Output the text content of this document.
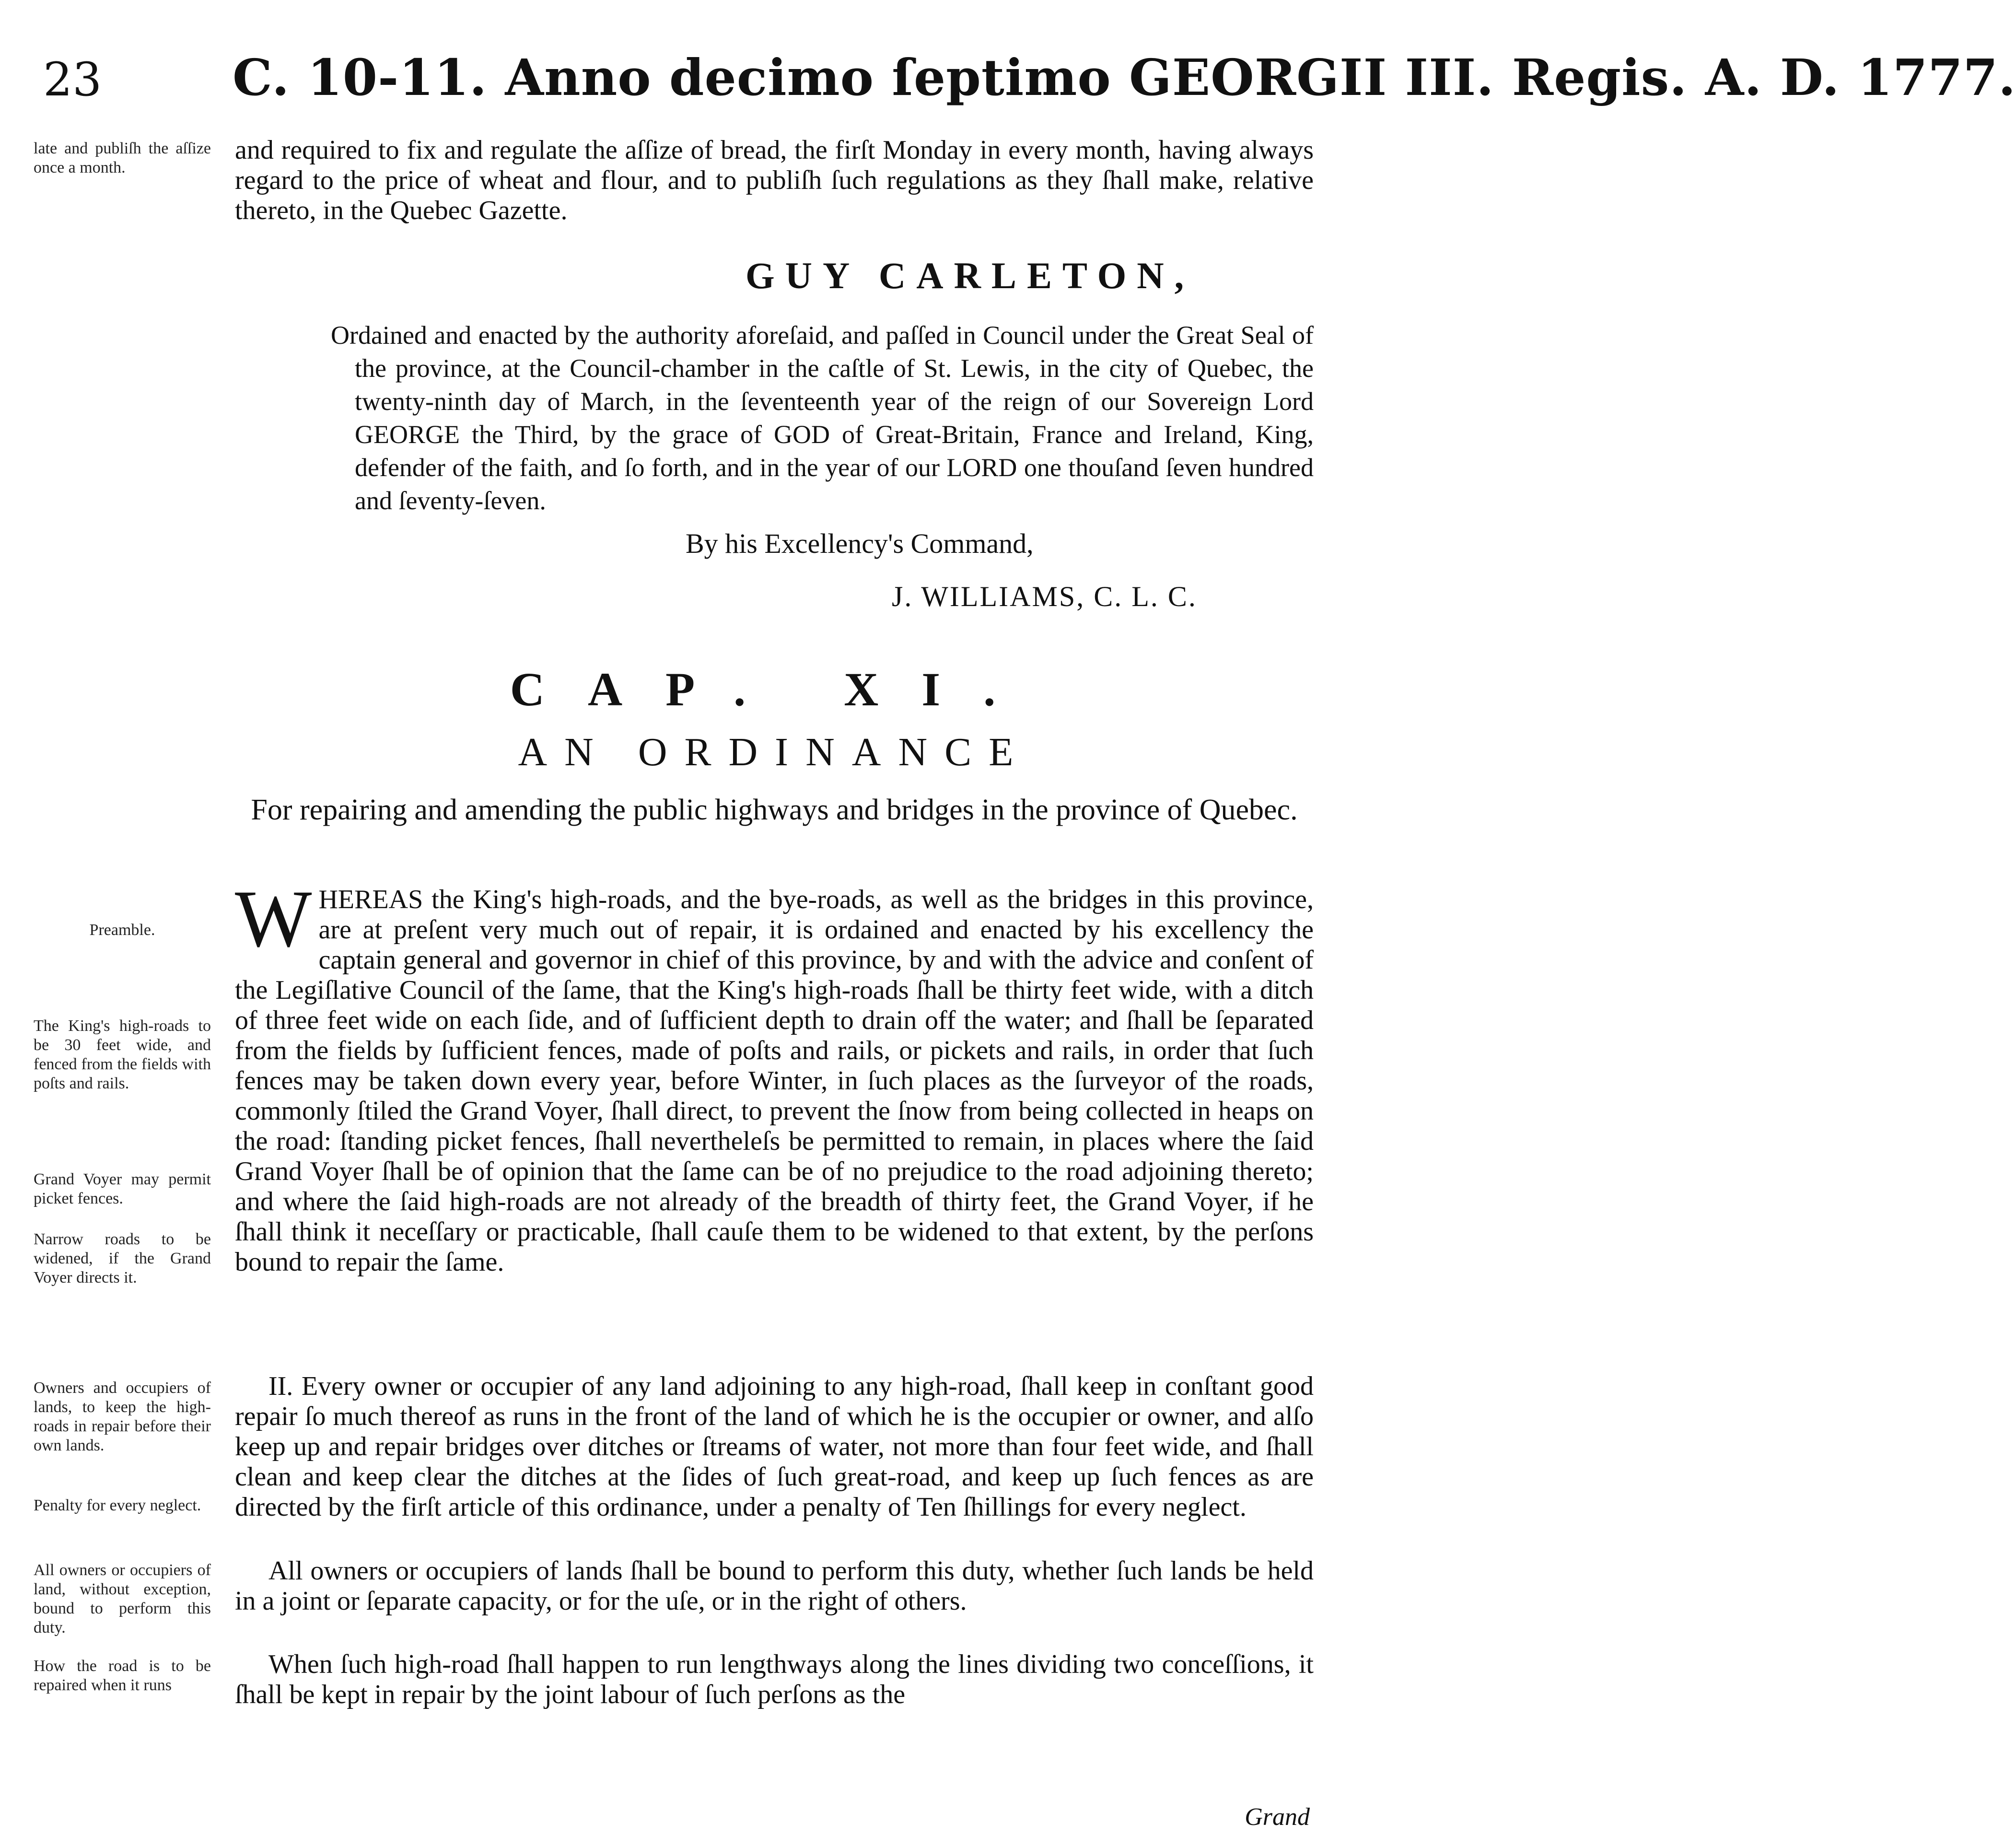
23	C. 10-11. Anno decimo ſeptimo GEORGII III. Regis. A. D. 1777.
late and publiſh the aſſize once a month.
Preamble.
The King's high-roads to be 30 feet wide, and fenced from the fields with poſts and rails.
Grand Voyer may permit picket fences.
Narrow roads to be widened, if the Grand Voyer directs it.
Owners and occupiers of lands, to keep the high-roads in repair before their own lands.
Penalty for every neglect.
All owners or occupiers of land, without exception, bound to perform this duty.
How the road is to be repaired when it runs
and required to fix and regulate the aſſize of bread, the firſt Monday in every month, having always regard to the price of wheat and flour, and to publiſh ſuch regulations as they ſhall make, relative thereto, in the Quebec Gazette.
GUY CARLETON,
Ordained and enacted by the authority aforeſaid, and paſſed in Council under the Great Seal of the province, at the Council-chamber in the caſtle of St. Lewis, in the city of Quebec, the twenty-ninth day of March, in the ſeventeenth year of the reign of our Sovereign Lord GEORGE the Third, by the grace of GOD of Great-Britain, France and Ireland, King, defender of the faith, and ſo forth, and in the year of our LORD one thouſand ſeven hundred and ſeventy-ſeven.
By his Excellency's Command,
J. WILLIAMS, C. L. C.
CAP. XI.
AN ORDINANCE
For repairing and amending the public highways and bridges in the province of Quebec.
W HEREAS the King's high-roads, and the bye-roads, as well as the bridges in this province, are at preſent very much out of repair, it is ordained and enacted by his excellency the captain general and governor in chief of this province, by and with the advice and conſent of the Legiſlative Council of the ſame, that the King's high-roads ſhall be thirty feet wide, with a ditch of three feet wide on each ſide, and of ſufficient depth to drain off the water; and ſhall be ſeparated from the fields by ſufficient fences, made of poſts and rails, or pickets and rails, in order that ſuch fences may be taken down every year, before Winter, in ſuch places as the ſurveyor of the roads, commonly ſtiled the Grand Voyer, ſhall direct, to prevent the ſnow from being collected in heaps on the road: ſtanding picket fences, ſhall nevertheleſs be permitted to remain, in places where the ſaid Grand Voyer ſhall be of opinion that the ſame can be of no prejudice to the road adjoining thereto; and where the ſaid high-roads are not already of the breadth of thirty feet, the Grand Voyer, if he ſhall think it neceſſary or practicable, ſhall cauſe them to be widened to that extent, by the perſons bound to repair the ſame.
II. Every owner or occupier of any land adjoining to any high-road, ſhall keep in conſtant good repair ſo much thereof as runs in the front of the land of which he is the occupier or owner, and alſo keep up and repair bridges over ditches or ſtreams of water, not more than four feet wide, and ſhall clean and keep clear the ditches at the ſides of ſuch great-road, and keep up ſuch fences as are directed by the firſt article of this ordinance, under a penalty of Ten ſhillings for every neglect.
All owners or occupiers of lands ſhall be bound to perform this duty, whether ſuch lands be held in a joint or ſeparate capacity, or for the uſe, or in the right of others.
When ſuch high-road ſhall happen to run lengthways along the lines dividing two conceſſions, it ſhall be kept in repair by the joint labour of ſuch perſons as the
Grand
